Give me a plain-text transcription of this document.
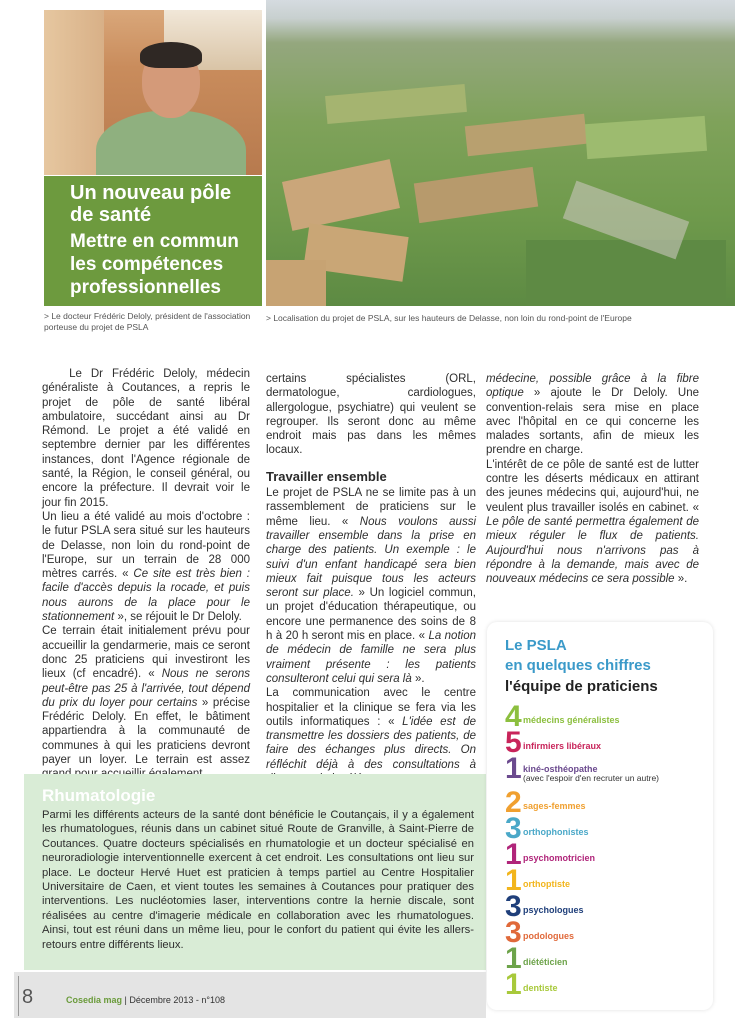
Un nouveau pôle de santé
Mettre en commun les compétences professionnelles
> Le docteur Frédéric Deloly, président de l'association porteuse du projet de PSLA
> Localisation du projet de PSLA, sur les hauteurs de Delasse, non loin du rond-point de l'Europe

Le Dr Frédéric Deloly, médecin généraliste à Coutances, a repris le projet de pôle de santé libéral ambulatoire, succédant ainsi au Dr Rémond. Le projet a été validé en septembre dernier par les différentes instances, dont l'Agence régionale de santé, la Région, le conseil général, ou encore la préfecture. Il devrait voir le jour fin 2015.

Un lieu a été validé au mois d'octobre : le futur PSLA sera situé sur les hauteurs de Delasse, non loin du rond-point de l'Europe, sur un terrain de 28 000 mètres carrés. « Ce site est très bien : facile d'accès depuis la rocade, et puis nous aurons de la place pour le stationnement », se réjouit le Dr Deloly.

Ce terrain était initialement prévu pour accueillir la gendarmerie, mais ce seront donc 25 praticiens qui investiront les lieux (cf encadré). « Nous ne serons peut-être pas 25 à l'arrivée, tout dépend du prix du loyer pour certains » précise Frédéric Deloly. En effet, le bâtiment appartiendra à la communauté de communes à qui les praticiens devront payer un loyer. Le terrain est assez

certains spécialistes (ORL, dermatologue, cardiologues, allergologue, psychiatre) qui veulent se regrouper. Ils seront donc au même endroit mais pas dans les mêmes locaux.

Travailler ensemble

Le projet de PSLA ne se limite pas à un rassemblement de praticiens sur le même lieu. « Nous voulons aussi travailler ensemble dans la prise en charge des patients. Un exemple : le suivi d'un enfant handicapé sera bien mieux fait puisque tous les acteurs seront sur place. » Un logiciel commun, un projet d'éducation thérapeutique, ou encore une permanence des soins de 8 h à 20 h seront mis en place. « La notion de médecin de famille ne sera plus vraiment présente : les patients consulteront celui qui sera là ».

La communication avec le centre hospitalier et la clinique se fera via les outils informatiques : « L'idée est de transmettre les dossiers des patients, de faire des échanges plus directs. On réfléchit déjà à des consultations à

médecine, possible grâce à la fibre optique » ajoute le Dr Deloly. Une convention-relais sera mise en place avec l'hôpital en ce qui concerne les malades sortants, afin de mieux les prendre en charge.

L'intérêt de ce pôle de santé est de lutter contre les déserts médicaux en attirant des jeunes médecins qui, aujourd'hui, ne veulent plus travailler isolés en cabinet. « Le pôle de santé permettra également de mieux réguler le flux de patients. Aujourd'hui nous n'arrivons pas à répondre à la demande, mais avec de nouveaux médecins ce sera possible ».

Rhumatologie
Parmi les différents acteurs de la santé dont bénéficie le Coutançais, il y a également les rhumatologues, réunis dans un cabinet situé Route de Granville, à Saint-Pierre de Coutances. Quatre docteurs spécialisés en rhumatologie et un docteur spécialisé en neuroradiologie interventionnelle exercent à cet endroit. Les consultations ont lieu sur place. Le docteur Hervé Huet est praticien à temps partiel au Centre Hospitalier Universitaire de Caen, et vient toutes les semaines à Coutances pour pratiquer des interventions. Les nucléotomies laser, interventions contre la hernie discale, sont réalisées au centre d'imagerie médicale en collaboration avec les rhumatologues. Ainsi, tout est réuni dans un même lieu, pour le confort du patient qui évite les allers-retours entre différents lieux.
Le PSLA
en quelques chiffres
l'équipe de praticiens
4 médecins généralistes
5 infirmiers libéraux
1 kiné-osthéopathe
(avec l'espoir d'en recruter un autre)
2 sages-femmes
3 orthophonistes
1 psychomotricien
1 orthoptiste
3 psychologues
3 podologues
1 diététicien
1 dentiste
8	Cosedia mag | Décembre 2013 - n°108
